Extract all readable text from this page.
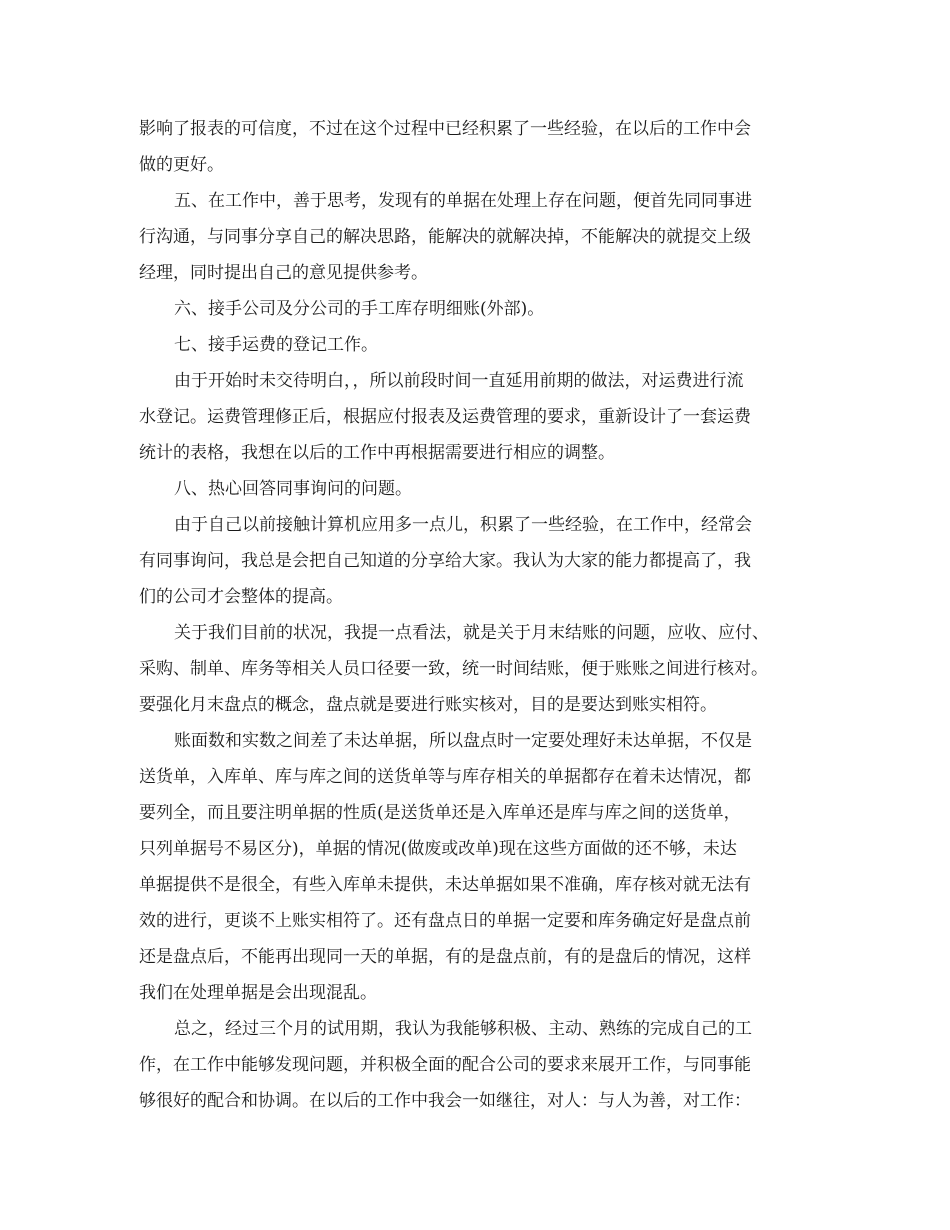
影响了报表的可信度，不过在这个过程中已经积累了一些经验，在以后的工作中会
做的更好。
五、在工作中，善于思考，发现有的单据在处理上存在问题，便首先同同事进
行沟通，与同事分享自己的解决思路，能解决的就解决掉，不能解决的就提交上级
经理，同时提出自己的意见提供参考。
六、接手公司及分公司的手工库存明细账(外部)。
七、接手运费的登记工作。
由于开始时未交待明白，，所以前段时间一直延用前期的做法，对运费进行流
水登记。运费管理修正后，根据应付报表及运费管理的要求，重新设计了一套运费
统计的表格，我想在以后的工作中再根据需要进行相应的调整。
八、热心回答同事询问的问题。
由于自己以前接触计算机应用多一点儿，积累了一些经验，在工作中，经常会
有同事询问，我总是会把自己知道的分享给大家。我认为大家的能力都提高了，我
们的公司才会整体的提高。
关于我们目前的状况，我提一点看法，就是关于月末结账的问题，应收、应付、
采购、制单、库务等相关人员口径要一致，统一时间结账，便于账账之间进行核对。
要强化月末盘点的概念，盘点就是要进行账实核对，目的是要达到账实相符。
账面数和实数之间差了未达单据，所以盘点时一定要处理好未达单据，不仅是
送货单，入库单、库与库之间的送货单等与库存相关的单据都存在着未达情况，都
要列全，而且要注明单据的性质(是送货单还是入库单还是库与库之间的送货单，
只列单据号不易区分)，单据的情况(做废或改单)现在这些方面做的还不够，未达
单据提供不是很全，有些入库单未提供，未达单据如果不准确，库存核对就无法有
效的进行，更谈不上账实相符了。还有盘点日的单据一定要和库务确定好是盘点前
还是盘点后，不能再出现同一天的单据，有的是盘点前，有的是盘后的情况，这样
我们在处理单据是会出现混乱。
总之，经过三个月的试用期，我认为我能够积极、主动、熟练的完成自己的工
作，在工作中能够发现问题，并积极全面的配合公司的要求来展开工作，与同事能
够很好的配合和协调。在以后的工作中我会一如继往，对人：与人为善，对工作：
